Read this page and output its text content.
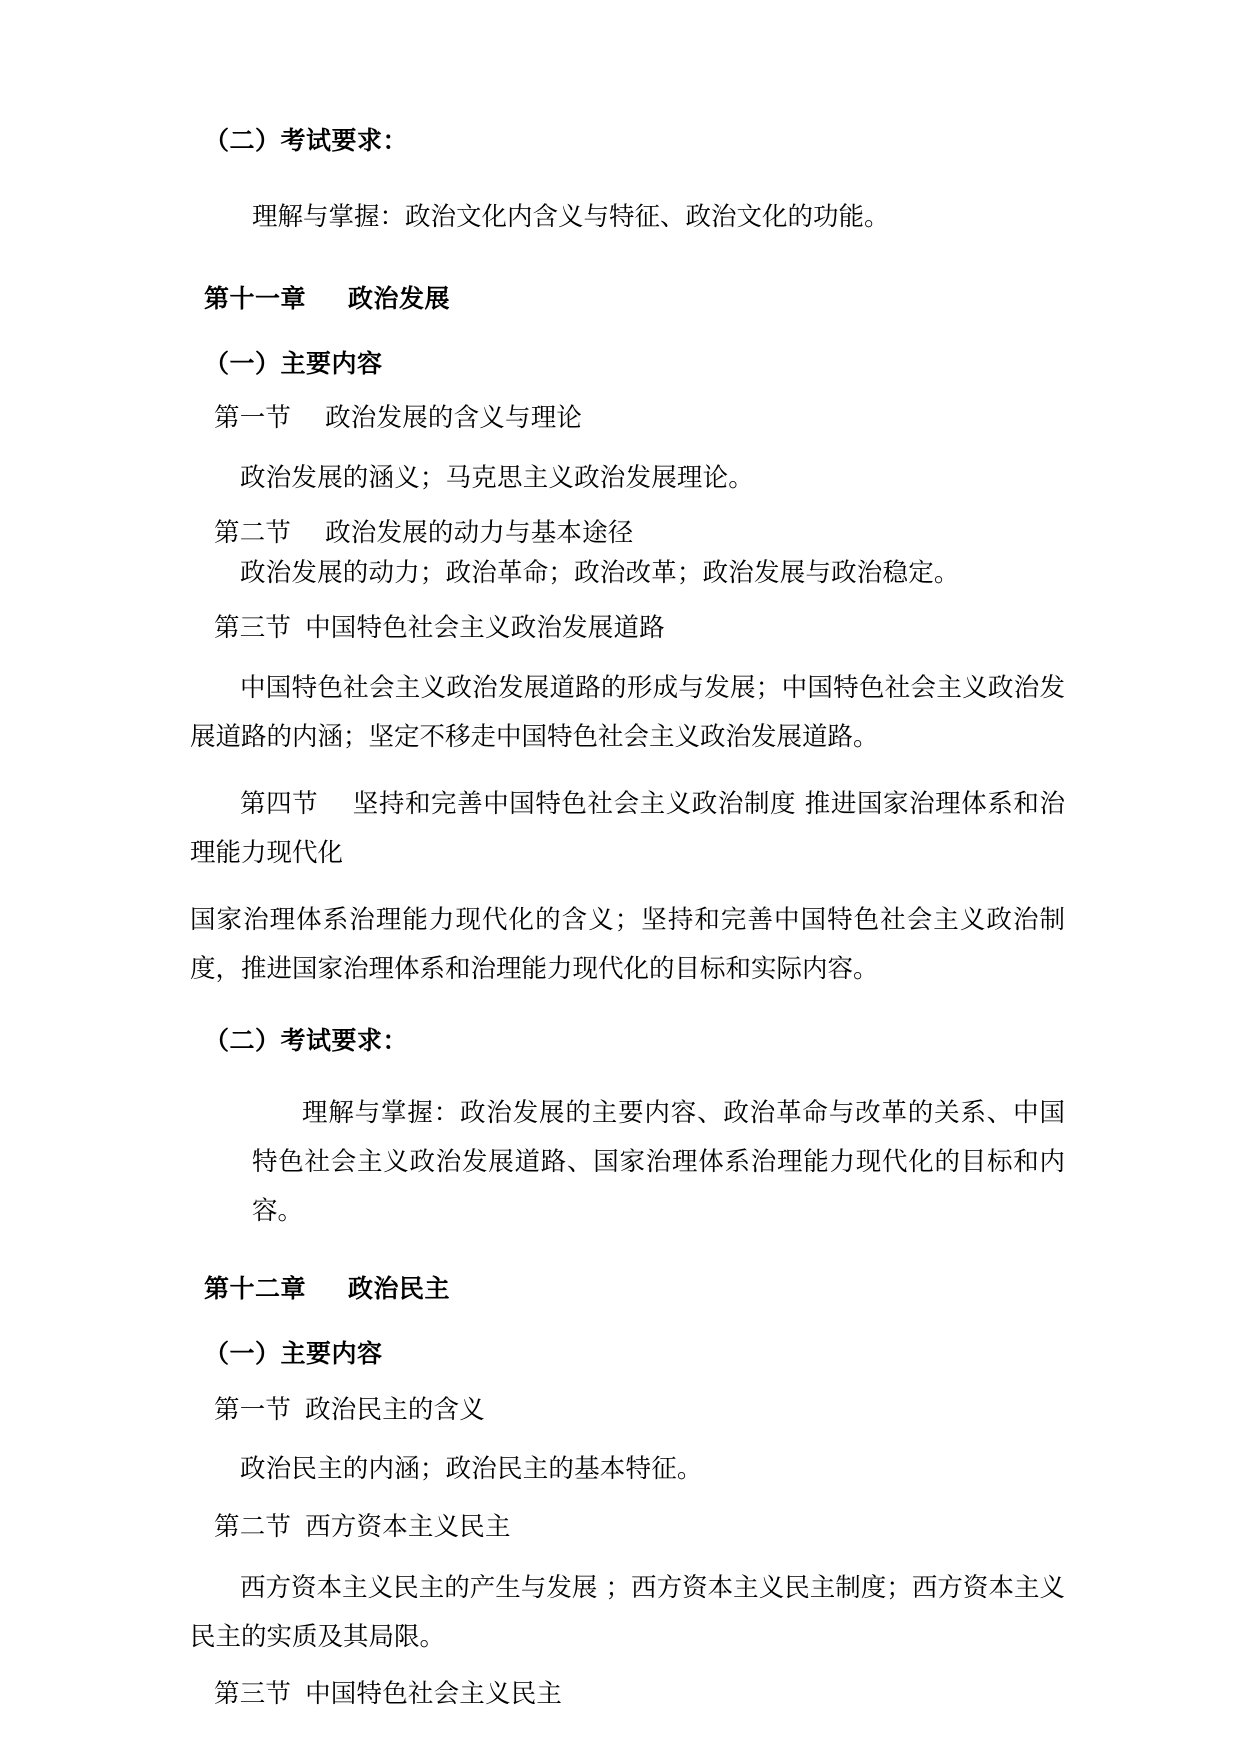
（二）考试要求：
理解与掌握：政治文化内含义与特征、政治文化的功能。
第十一章 政治发展
（一）主要内容
第一节 政治发展的含义与理论
政治发展的涵义；马克思主义政治发展理论。
第二节 政治发展的动力与基本途径
政治发展的动力；政治革命；政治改革；政治发展与政治稳定。
第三节 中国特色社会主义政治发展道路
中国特色社会主义政治发展道路的形成与发展；中国特色社会主义政治发展道路的内涵；坚定不移走中国特色社会主义政治发展道路。
第四节 坚持和完善中国特色社会主义政治制度 推进国家治理体系和治理能力现代化
国家治理体系治理能力现代化的含义；坚持和完善中国特色社会主义政治制度，推进国家治理体系和治理能力现代化的目标和实际内容。
（二）考试要求：
理解与掌握：政治发展的主要内容、政治革命与改革的关系、中国特色社会主义政治发展道路、国家治理体系治理能力现代化的目标和内容。
第十二章 政治民主
（一）主要内容
第一节 政治民主的含义
政治民主的内涵；政治民主的基本特征。
第二节 西方资本主义民主
西方资本主义民主的产生与发展 ；西方资本主义民主制度；西方资本主义民主的实质及其局限。
第三节 中国特色社会主义民主
